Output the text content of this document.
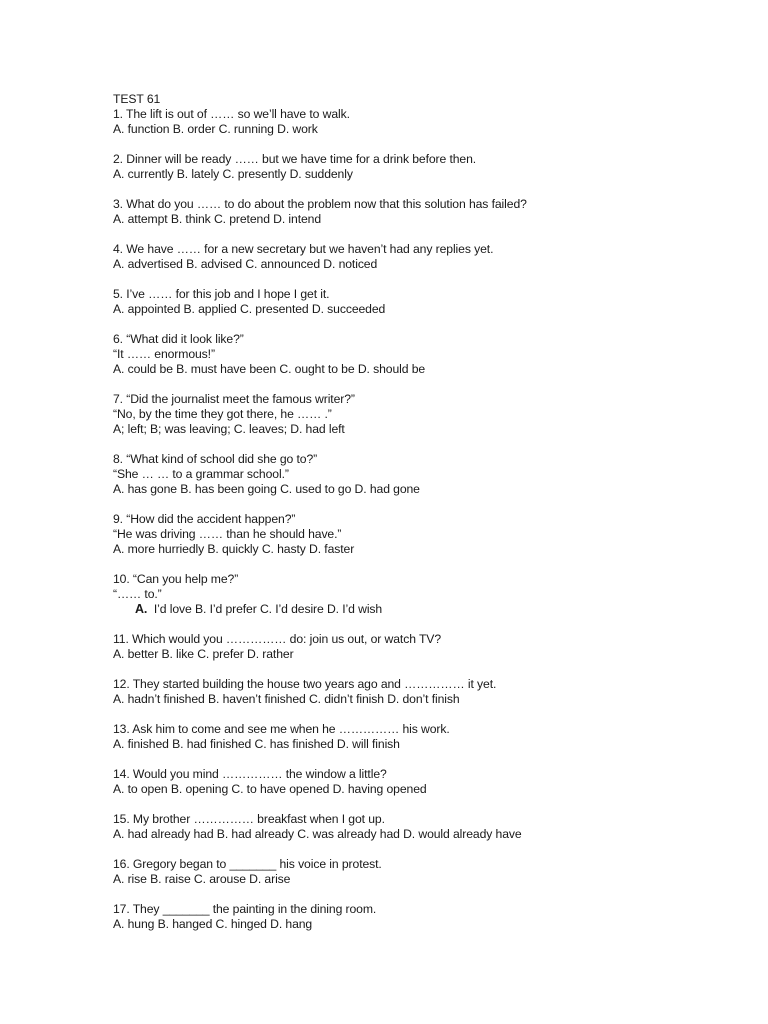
TEST 61
1. The lift is out of …… so we’ll have to walk.
A. function B. order C. running D. work
2. Dinner will be ready …… but we have time for a drink before then.
A. currently B. lately C. presently D. suddenly
3. What do you …… to do about the problem now that this solution has failed?
A. attempt B. think C. pretend D. intend
4. We have …… for a new secretary but we haven’t had any replies yet.
A. advertised B. advised C. announced D. noticed
5. I’ve …… for this job and I hope I get it.
A. appointed B. applied C. presented D. succeeded
6. “What did it look like?”
“It …… enormous!”
A. could be B. must have been C. ought to be D. should be
7. “Did the journalist meet the famous writer?”
“No, by the time they got there, he …… .”
A; left; B; was leaving; C. leaves; D. had left
8. “What kind of school did she go to?”
“She … … to a grammar school.”
A. has gone B. has been going C. used to go D. had gone
9. “How did the accident happen?”
“He was driving …… than he should have.”
A. more hurriedly B. quickly C. hasty D. faster
10. “Can you help me?”
“…… to.”
A.  I’d love B. I’d prefer C. I’d desire D. I’d wish
11. Which would you …………… do: join us out, or watch TV?
A. better B. like C. prefer D. rather
12. They started building the house two years ago and …………… it yet.
A. hadn’t finished B. haven’t finished C. didn’t finish D. don’t finish
13. Ask him to come and see me when he …………… his work.
A. finished B. had finished C. has finished D. will finish
14. Would you mind …………… the window a little?
A. to open B. opening C. to have opened D. having opened
15. My brother …………… breakfast when I got up.
A. had already had B. had already C. was already had D. would already have
16. Gregory began to _______ his voice in protest.
A. rise B. raise C. arouse D. arise
17. They _______ the painting in the dining room.
A. hung B. hanged C. hinged D. hang
